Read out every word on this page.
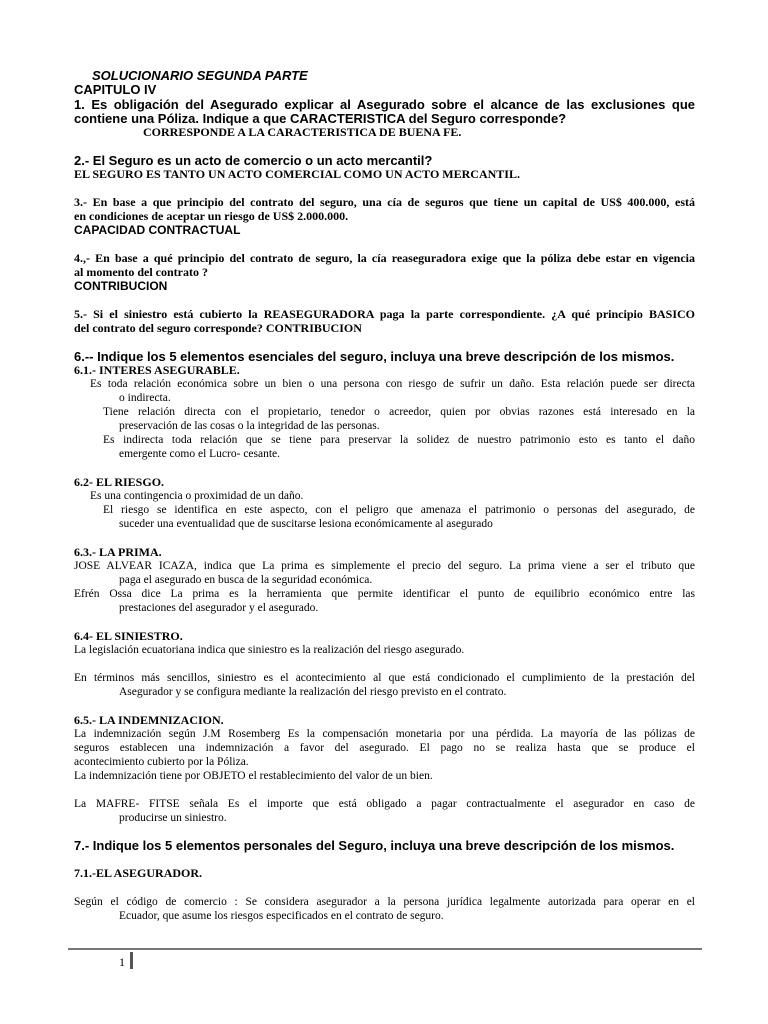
SOLUCIONARIO SEGUNDA PARTE
CAPITULO IV
1. Es obligación del Asegurado explicar al Asegurado sobre el alcance de las exclusiones que
contiene una Póliza. Indique a que CARACTERISTICA del Seguro corresponde?
CORRESPONDE A LA CARACTERISTICA DE BUENA FE.
2.- El Seguro es un acto de comercio o un acto mercantil?
EL SEGURO ES TANTO UN ACTO COMERCIAL COMO UN ACTO MERCANTIL.
3.- En base a que principio del contrato del seguro, una cía de seguros que tiene un capital de US$ 400.000, está
en condiciones de aceptar un riesgo de US$ 2.000.000.
CAPACIDAD CONTRACTUAL
4.,- En base a qué principio del contrato de seguro, la cía reaseguradora exige que la póliza debe estar en vigencia
al momento del contrato ?
CONTRIBUCION
5.- Si el siniestro está cubierto la REASEGURADORA paga la parte correspondiente. ¿A qué principio BASICO
del contrato del seguro corresponde? CONTRIBUCION
6.-- Indique los 5 elementos esenciales del seguro, incluya una breve descripción de los mismos.
6.1.- INTERES ASEGURABLE.
Es toda relación económica sobre un bien o una persona con riesgo de sufrir un daño. Esta relación puede ser directa
o indirecta.
Tiene relación directa con el propietario, tenedor o acreedor, quien por obvias razones está interesado en la
preservación de las cosas o la integridad de las personas.
Es indirecta toda relación que se tiene para preservar la solidez de nuestro patrimonio esto es tanto el daño
emergente como el Lucro- cesante.
6.2- EL RIESGO.
Es una contingencia o proximidad de un daño.
El riesgo se identifica en este aspecto, con el peligro que amenaza el patrimonio o personas del asegurado, de
suceder una eventualidad que de suscitarse lesiona económicamente al asegurado
6.3.- LA PRIMA.
JOSE ALVEAR ICAZA, indica que La prima es simplemente el precio del seguro. La prima viene a ser el tributo que
paga el asegurado en busca de la seguridad económica.
Efrén Ossa dice La prima es la herramienta que permite identificar el punto de equilibrio económico entre las
prestaciones del asegurador y el asegurado.
6.4- EL SINIESTRO.
La legislación ecuatoriana indica que siniestro es la realización del riesgo asegurado.
En términos más sencillos, siniestro es el acontecimiento al que está condicionado el cumplimiento de la prestación del
Asegurador y se configura mediante la realización del riesgo previsto en el contrato.
6.5.- LA INDEMNIZACION.
La indemnización según J.M Rosemberg Es la compensación monetaria por una pérdida. La mayoría de las pólizas de
seguros establecen una indemnización a favor del asegurado. El pago no se realiza hasta que se produce el
acontecimiento cubierto por la Póliza.
La indemnización tiene por OBJETO el restablecimiento del valor de un bien.
La MAFRE- FITSE señala Es el importe que está obligado a pagar contractualmente el asegurador en caso de
producirse un siniestro.
7.- Indique los 5 elementos personales del Seguro, incluya una breve descripción de los mismos.
7.1.-EL ASEGURADOR.
Según el código de comercio : Se considera asegurador a la persona jurídica legalmente autorizada para operar en el
Ecuador, que asume los riesgos especificados en el contrato de seguro.
1
